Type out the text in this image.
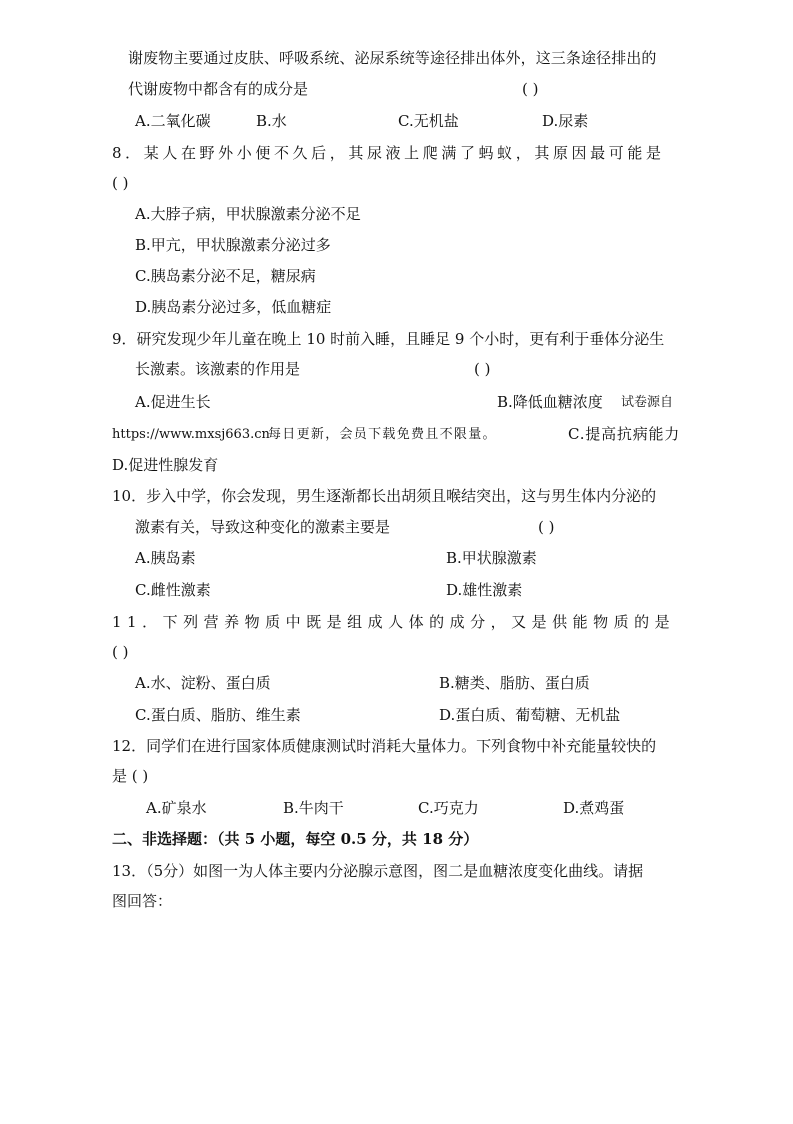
谢废物主要通过皮肤、呼吸系统、泌尿系统等途径排出体外，这三条途径排出的
代谢废物中都含有的成分是	( )
A.二氧化碳	B.水	C.无机盐	D.尿素
8．某人在野外小便不久后，其尿液上爬满了蚂蚁，其原因最可能是
( )
A.大脖子病，甲状腺激素分泌不足
B.甲亢，甲状腺激素分泌过多
C.胰岛素分泌不足，糖尿病
D.胰岛素分泌过多，低血糖症
9．研究发现少年儿童在晚上 10 时前入睡，且睡足 9 个小时，更有利于垂体分泌生
长激素。该激素的作用是	( )
A.促进生长	B.降低血糖浓度 试卷源自
https://www.mxsj663.cn
每日更新，会员下载免费且不限量。	C.提高抗病能力
D.促进性腺发育
10．步入中学，你会发现，男生逐渐都长出胡须且喉结突出，这与男生体内分泌的
激素有关，导致这种变化的激素主要是	( )
A.胰岛素	B.甲状腺激素
C.雌性激素	D.雄性激素
11．下列营养物质中既是组成人体的成分，又是供能物质的是
( )
A.水、淀粉、蛋白质	B.糖类、脂肪、蛋白质
C.蛋白质、脂肪、维生素	D.蛋白质、葡萄糖、无机盐
12．同学们在进行国家体质健康测试时消耗大量体力。下列食物中补充能量较快的
是 ( )
A.矿泉水	B.牛肉干	C.巧克力	D.煮鸡蛋
二、非选择题：（共 5 小题，每空 0.5 分，共 18 分）
13．（5分）如图一为人体主要内分泌腺示意图，图二是血糖浓度变化曲线。请据
图回答：
